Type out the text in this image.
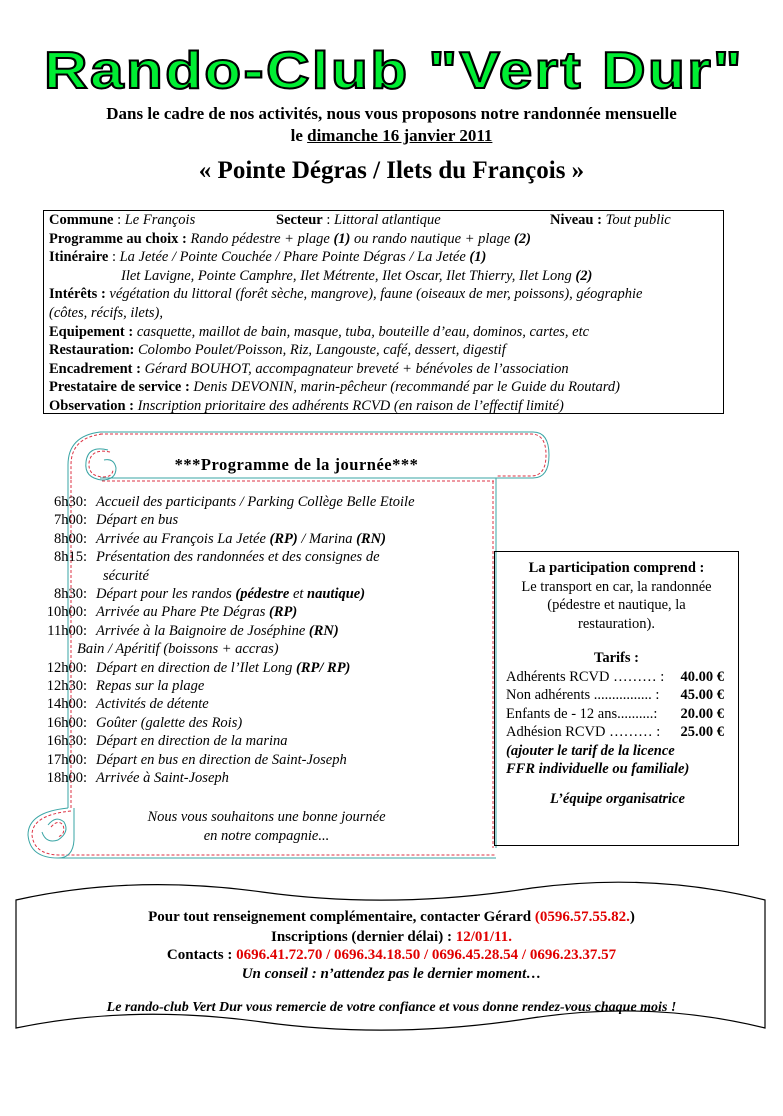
Rando-Club "Vert Dur"
Dans le cadre de nos activités, nous vous proposons notre randonnée mensuelle
le dimanche 16 janvier 2011
« Pointe Dégras / Ilets du François »
Commune : Le François	Secteur : Littoral atlantique	Niveau : Tout public
Programme au choix : Rando pédestre + plage (1) ou rando nautique + plage (2)
Itinéraire : La Jetée / Pointe Couchée / Phare Pointe Dégras / La Jetée (1)
Ilet Lavigne, Pointe Camphre, Ilet Métrente, Ilet Oscar, Ilet Thierry, Ilet Long (2)
Intérêts : végétation du littoral (forêt sèche, mangrove), faune (oiseaux de mer, poissons), géographie
(côtes, récifs, ilets),
Equipement : casquette, maillot de bain, masque, tuba, bouteille d’eau, dominos, cartes, etc
Restauration: Colombo Poulet/Poisson, Riz, Langouste, café, dessert, digestif
Encadrement : Gérard BOUHOT, accompagnateur breveté + bénévoles de l’association
Prestataire de service : Denis DEVONIN, marin-pêcheur (recommandé par le Guide du Routard)
Observation : Inscription prioritaire des adhérents RCVD (en raison de l’effectif limité)
***Programme de la journée***
6h30:Accueil des participants / Parking Collège Belle Etoile
7h00:Départ en bus
8h00:Arrivée au François La Jetée (RP) / Marina (RN)
8h15:Présentation des randonnées et des consignes de
sécurité
8h30:Départ pour les randos (pédestre et nautique)
10h00:Arrivée au Phare Pte Dégras (RP)
11h00:Arrivée à la Baignoire de Joséphine (RN)
Bain / Apéritif (boissons + accras)
12h00:Départ en direction de l’Ilet Long (RP/ RP)
12h30:Repas sur la plage
14h00:Activités de détente
16h00:Goûter (galette des Rois)
16h30:Départ en direction de la marina
17h00:Départ en bus en direction de Saint-Joseph
18h00:Arrivée à Saint-Joseph
Nous vous souhaitons une bonne journée
en notre compagnie...
La participation comprend :
Le transport en car, la randonnée
(pédestre et nautique, la
restauration).
Tarifs :
Adhérents RCVD ……… : 40.00 €
Non adhérents ................ : 45.00 €
Enfants de - 12 ans..........: 20.00 €
Adhésion RCVD ……… : 25.00 €
(ajouter le tarif de la licence
FFR individuelle ou familiale)
L’équipe organisatrice
Pour tout renseignement complémentaire, contacter Gérard (0596.57.55.82.)
Inscriptions (dernier délai) : 12/01/11.
Contacts : 0696.41.72.70 / 0696.34.18.50 / 0696.45.28.54 / 0696.23.37.57
Un conseil : n’attendez pas le dernier moment…
Le rando-club Vert Dur vous remercie de votre confiance et vous donne rendez-vous chaque mois !
